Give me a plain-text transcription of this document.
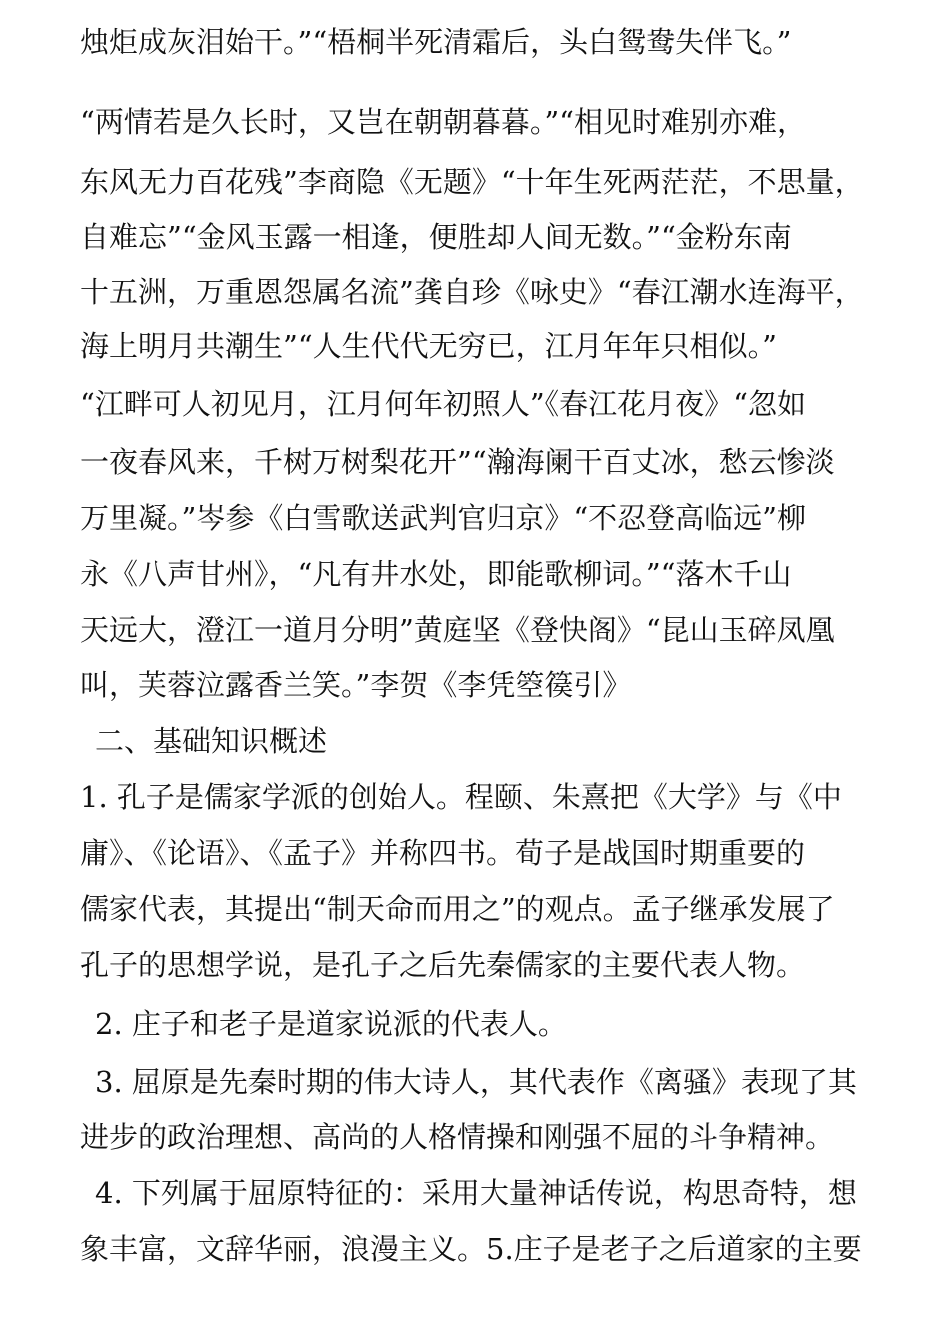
烛炬成灰泪始干。”“梧桐半死清霜后，头白鸳鸯失伴飞。”
“两情若是久长时，又岂在朝朝暮暮。”“相见时难别亦难，
东风无力百花残”李商隐《无题》“十年生死两茫茫，不思量，
自难忘”“金风玉露一相逢，便胜却人间无数。”“金粉东南
十五洲，万重恩怨属名流”龚自珍《咏史》“春江潮水连海平，
海上明月共潮生”“人生代代无穷已，江月年年只相似。”
“江畔可人初见月，江月何年初照人”《春江花月夜》“忽如
一夜春风来，千树万树梨花开”“瀚海阑干百丈冰，愁云惨淡
万里凝。”岑参《白雪歌送武判官归京》“不忍登高临远”柳
永《八声甘州》，“凡有井水处，即能歌柳词。”“落木千山
天远大，澄江一道月分明”黄庭坚《登快阁》“昆山玉碎凤凰
叫，芙蓉泣露香兰笑。”李贺《李凭箜篌引》
二、基础知识概述
1. 孔子是儒家学派的创始人。程颐、朱熹把《大学》与《中
庸》、《论语》、《孟子》并称四书。荀子是战国时期重要的
儒家代表，其提出“制天命而用之”的观点。孟子继承发展了
孔子的思想学说，是孔子之后先秦儒家的主要代表人物。
2. 庄子和老子是道家说派的代表人。
3. 屈原是先秦时期的伟大诗人，其代表作《离骚》表现了其
进步的政治理想、高尚的人格情操和刚强不屈的斗争精神。
4. 下列属于屈原特征的：采用大量神话传说，构思奇特，想
象丰富，文辞华丽，浪漫主义。5.庄子是老子之后道家的主要
